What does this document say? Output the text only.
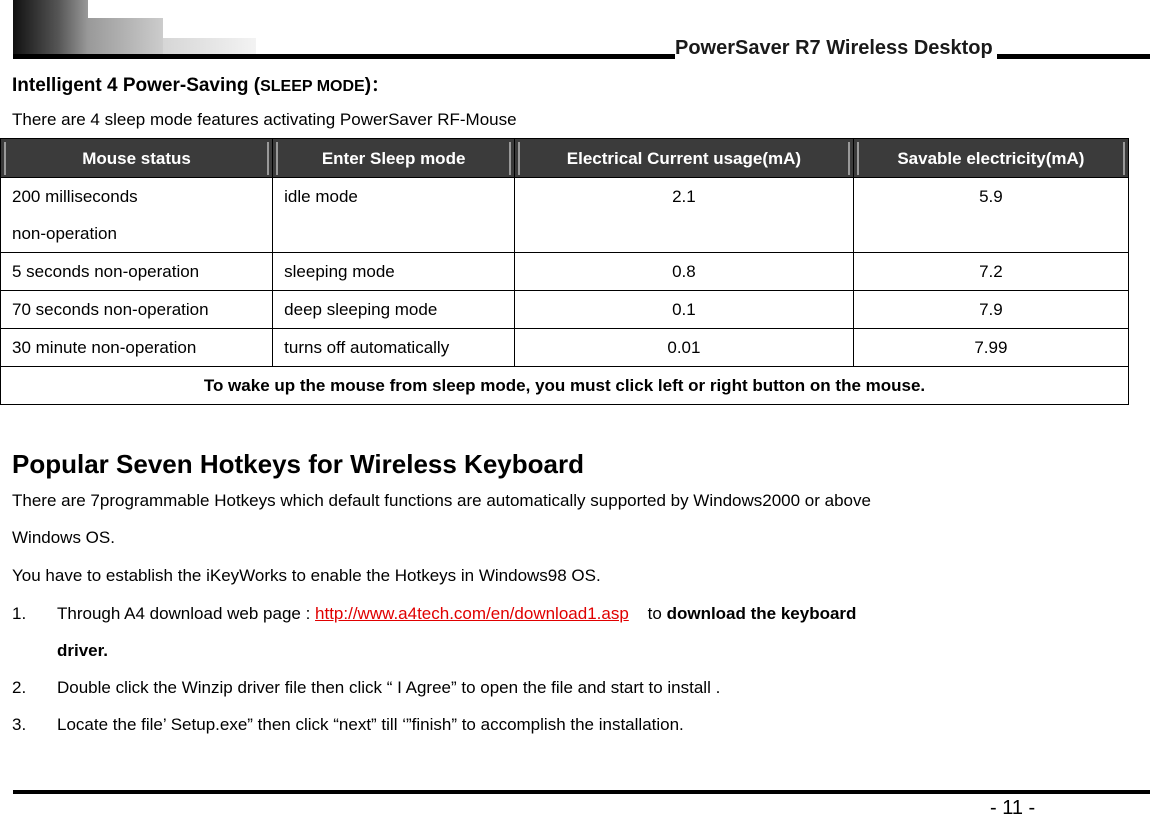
PowerSaver R7 Wireless Desktop
Intelligent 4 Power-Saving (SLEEP MODE)：
There are 4 sleep mode features activating PowerSaver RF-Mouse
Mouse status	Enter Sleep mode	Electrical Current usage(mA)	Savable electricity(mA)

200 milliseconds
non-operation	idle mode	2.1	5.9
5 seconds non-operation	sleeping mode	0.8	7.2
70 seconds non-operation	deep sleeping mode	0.1	7.9
30 minute non-operation	turns off automatically	0.01	7.99
To wake up the mouse from sleep mode, you must click left or right button on the mouse.			
Popular Seven Hotkeys for Wireless Keyboard
There are 7programmable Hotkeys which default functions are automatically supported by Windows2000 or above
Windows OS.
You have to establish the iKeyWorks to enable the Hotkeys in Windows98 OS.
1. Through A4 download web page : http://www.a4tech.com/en/download1.asp    to download the keyboard
driver.
2. Double click the Winzip driver file then click “ I Agree” to open the file and start to install .
3. Locate the file’ Setup.exe” then click “next” till ‘”finish” to accomplish the installation.
- 11 -
